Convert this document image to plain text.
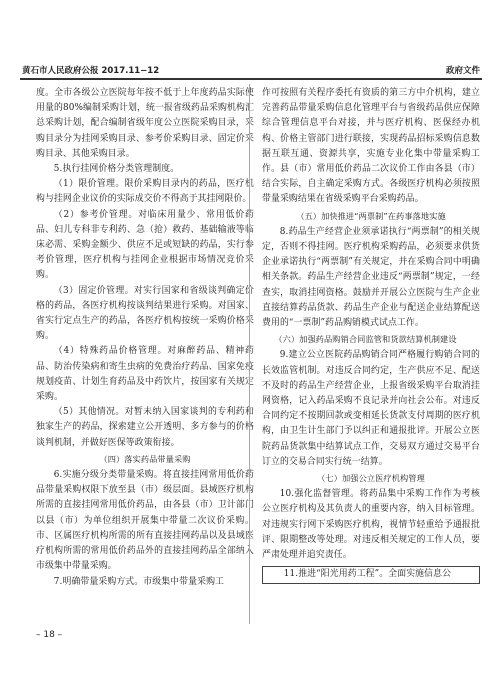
黄石市人民政府公报 2017.11−12	政府文件

度。全市各级公立医院每年按不低于上年度药品实际使用量的80%编制采购计划，统一报省级药品采购机构汇总采购计划，配合编制省级年度公立医院采购目录，采购目录分为挂网采购目录、参考价采购目录、固定价采购目录、其他采购目录。

5.执行挂网价格分类管理制度。

（1）限价管理。限价采购目录内的药品，医疗机构与挂网企业议价的实际成交价不得高于其挂网限价。

（2）参考价管理。对临床用量少、常用低价药品、妇儿专科非专利药、急（抢）救药、基础输液等临床必需、采购金额少、供应不足或短缺的药品，实行参考价管理，医疗机构与挂网企业根据市场情况竞价采购。

（3）固定价管理。对实行国家和省级谈判确定价格的药品，各医疗机构按谈判结果进行采购。对国家、省实行定点生产的药品，各医疗机构按统一采购价格采购。

（4）特殊药品价格管理。对麻醉药品、精神药品、防治传染病和寄生虫病的免费治疗药品、国家免疫规划疫苗、计划生育药品及中药饮片，按国家有关规定采购。

（5）其他情况。对暂未纳入国家谈判的专利药和独家生产的药品，探索建立公开透明、多方参与的价格谈判机制，并做好医保等政策衔接。

（四）落实药品带量采购

6.实施分级分类带量采购。将直接挂网常用低价药品带量采购权限下放至县（市）级层面。县域医疗机构所需的直接挂网常用低价药品，由各县（市）卫计部门以县（市）为单位组织开展集中带量二次议价采购。市、区属医疗机构所需的所有直接挂网药品以及县域医疗机构所需的常用低价药品外的直接挂网药品全部纳入市级集中带量采购。

7.明确带量采购方式。市级集中带量采购工

作可按照有关程序委托有资质的第三方中介机构，建立完善药品带量采购信息化管理平台与省级药品供应保障综合管理信息平台对接，并与医疗机构、医保经办机构、价格主管部门进行联接，实现药品招标采购信息数据互联互通、资源共享，实施专业化集中带量采购工作。县（市）常用低价药品二次议价工作由各县（市）结合实际，自主确定采购方式。各级医疗机构必须按照带量采购结果在省级采购平台采购药品。

（五）加快推进“两票制”在药事落地实施

8.药品生产经营企业须承诺执行“两票制”的相关规定，否则不得挂网。医疗机构采购药品，必须要求供货企业承诺执行“两票制”有关规定，并在采购合同中明确相关条款。药品生产经营企业违反“两票制”规定，一经查实，取消挂网资格。鼓励并开展公立医院与生产企业直接结算药品货款、药品生产企业与配送企业结算配送费用的“一票制”药品购销模式试点工作。

（六）加强药品购销合同监管和货款结算机制建设

9.建立公立医院药品购销合同严格履行购销合同的长效监管机制。对违反合同约定，生产供应不足、配送不及时的药品生产经营企业，上报省级采购平台取消挂网资格，记入药品采购不良记录并向社会公布。对违反合同约定不按期回款或变相延长货款支付周期的医疗机构，由卫生计生部门予以纠正和通报批评。开展公立医院药品货款集中结算试点工作，交易双方通过交易平台订立的交易合同实行统一结算。

（七）加强公立医疗机构管理

10.强化监督管理。将药品集中采购工作作为考核公立医疗机构及其负责人的重要内容，纳入目标管理。对违规实行网下采购医疗机构，视情节轻重给予通报批评、限期整改等处理。对违反相关规定的工作人员，要严肃处理并追究责任。

11.推进“阳光用药工程”。全面实施信息公

– 18 –
